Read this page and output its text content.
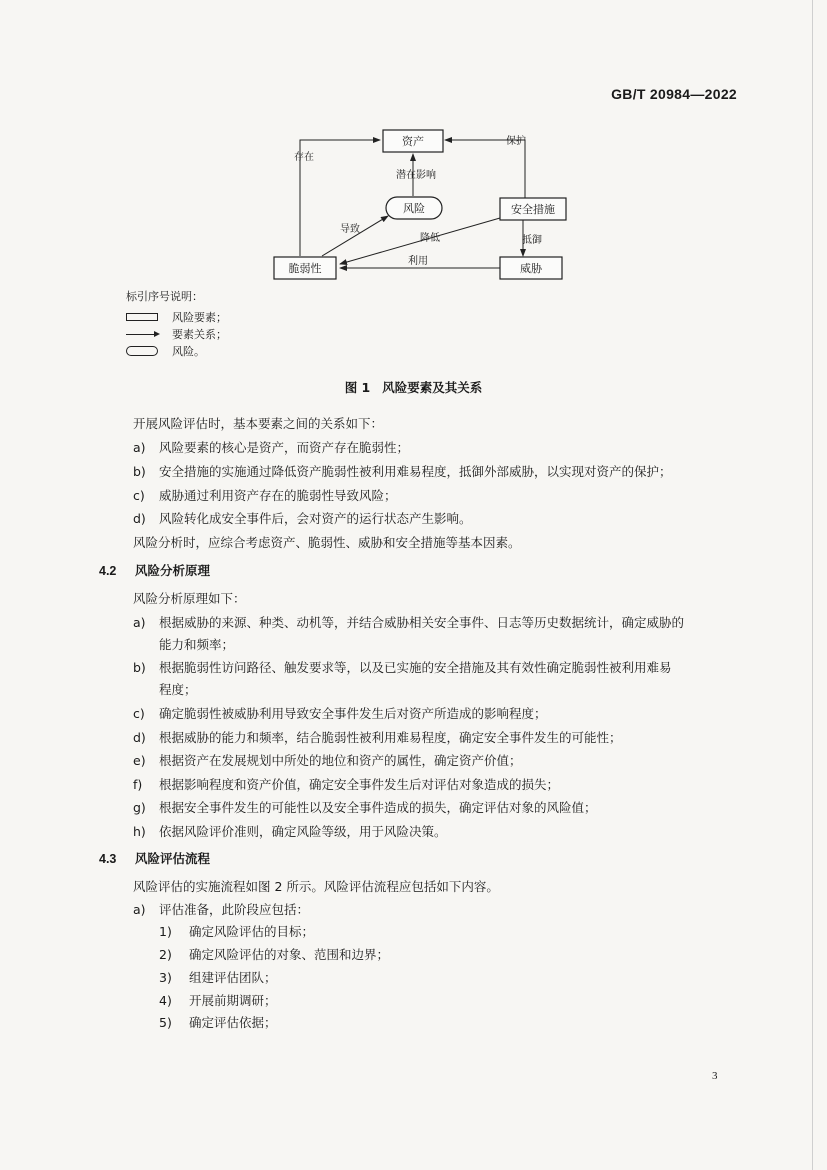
GB/T 20984—2022
资产
风险	安全措施
脆弱性	威胁
存在
保护
潜在影响
导致
降低	抵御
利用
标引序号说明：
风险要素；
要素关系；
风险。
图 1 风险要素及其关系
开展风险评估时，基本要素之间的关系如下：
a) 风险要素的核心是资产，而资产存在脆弱性；
b) 安全措施的实施通过降低资产脆弱性被利用难易程度，抵御外部威胁，以实现对资产的保护；
c) 威胁通过利用资产存在的脆弱性导致风险；
d) 风险转化成安全事件后，会对资产的运行状态产生影响。
风险分析时，应综合考虑资产、脆弱性、威胁和安全措施等基本因素。
4.2 风险分析原理
风险分析原理如下：
a) 根据威胁的来源、种类、动机等，并结合威胁相关安全事件、日志等历史数据统计，确定威胁的
能力和频率；
b) 根据脆弱性访问路径、触发要求等，以及已实施的安全措施及其有效性确定脆弱性被利用难易
程度；
c) 确定脆弱性被威胁利用导致安全事件发生后对资产所造成的影响程度；
d) 根据威胁的能力和频率，结合脆弱性被利用难易程度，确定安全事件发生的可能性；
e) 根据资产在发展规划中所处的地位和资产的属性，确定资产价值；
f) 根据影响程度和资产价值，确定安全事件发生后对评估对象造成的损失；
g) 根据安全事件发生的可能性以及安全事件造成的损失，确定评估对象的风险值；
h) 依据风险评价准则，确定风险等级，用于风险决策。
4.3 风险评估流程
风险评估的实施流程如图 2 所示。风险评估流程应包括如下内容。
a) 评估准备，此阶段应包括：
1) 确定风险评估的目标；
2) 确定风险评估的对象、范围和边界；
3) 组建评估团队；
4) 开展前期调研；
5) 确定评估依据；
3
